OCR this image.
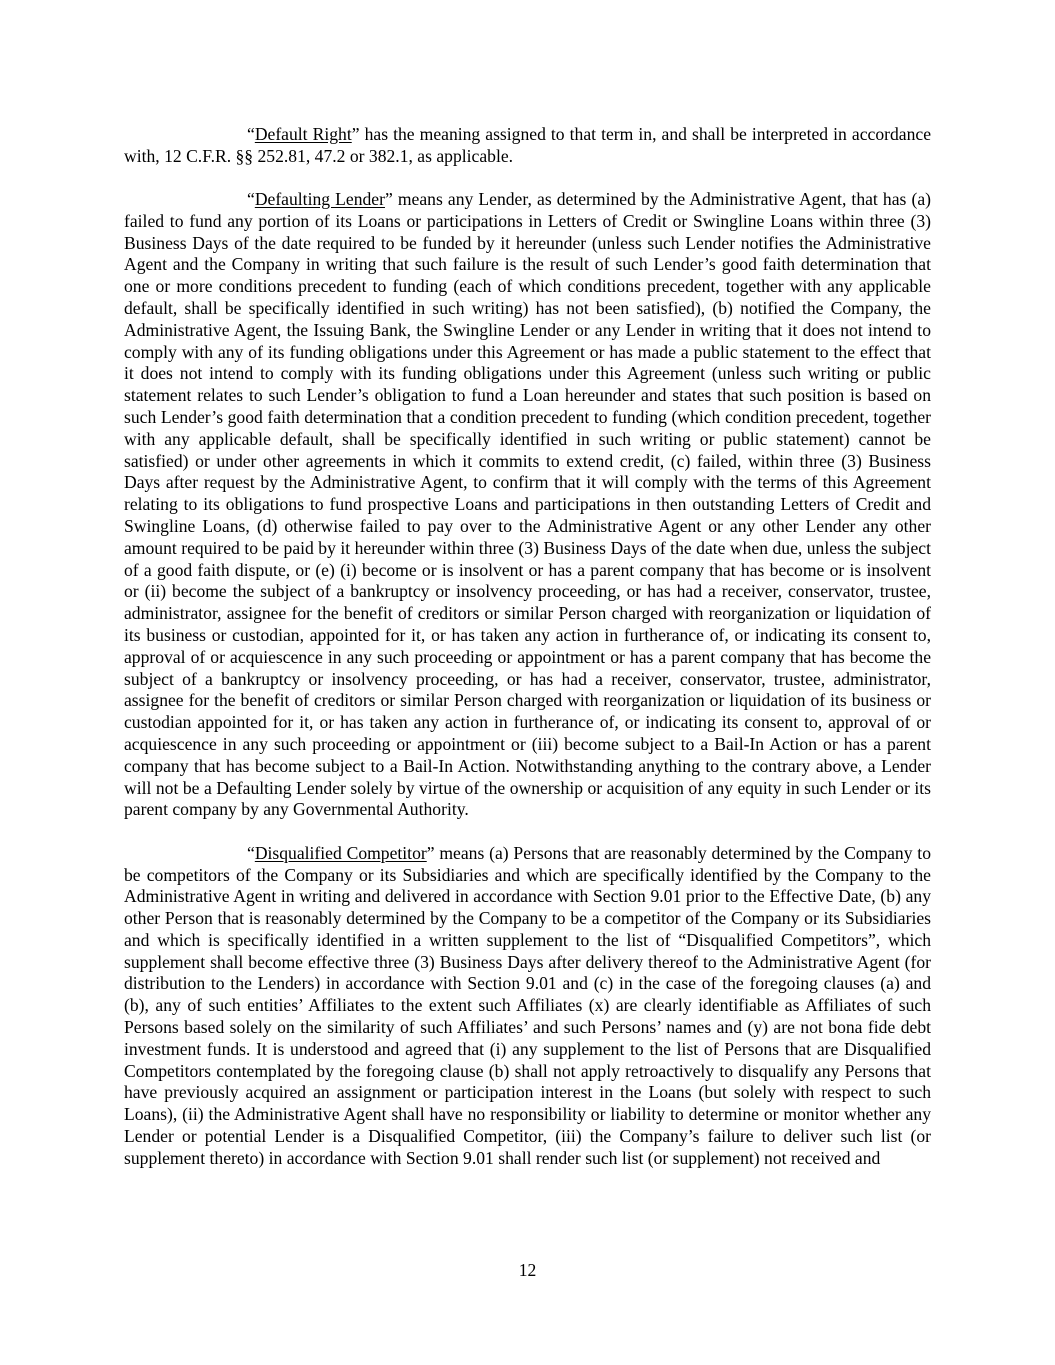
“Default Right” has the meaning assigned to that term in, and shall be interpreted in accordance with, 12 C.F.R. §§ 252.81, 47.2 or 382.1, as applicable.

“Defaulting Lender” means any Lender, as determined by the Administrative Agent, that has (a) failed to fund any portion of its Loans or participations in Letters of Credit or Swingline Loans within three (3) Business Days of the date required to be funded by it hereunder (unless such Lender notifies the Administrative Agent and the Company in writing that such failure is the result of such Lender’s good faith determination that one or more conditions precedent to funding (each of which conditions precedent, together with any applicable default, shall be specifically identified in such writing) has not been satisfied), (b) notified the Company, the Administrative Agent, the Issuing Bank, the Swingline Lender or any Lender in writing that it does not intend to comply with any of its funding obligations under this Agreement or has made a public statement to the effect that it does not intend to comply with its funding obligations under this Agreement (unless such writing or public statement relates to such Lender’s obligation to fund a Loan hereunder and states that such position is based on such Lender’s good faith determination that a condition precedent to funding (which condition precedent, together with any applicable default, shall be specifically identified in such writing or public statement) cannot be satisfied) or under other agreements in which it commits to extend credit, (c) failed, within three (3) Business Days after request by the Administrative Agent, to confirm that it will comply with the terms of this Agreement relating to its obligations to fund prospective Loans and participations in then outstanding Letters of Credit and Swingline Loans, (d) otherwise failed to pay over to the Administrative Agent or any other Lender any other amount required to be paid by it hereunder within three (3) Business Days of the date when due, unless the subject of a good faith dispute, or (e) (i) become or is insolvent or has a parent company that has become or is insolvent or (ii) become the subject of a bankruptcy or insolvency proceeding, or has had a receiver, conservator, trustee, administrator, assignee for the benefit of creditors or similar Person charged with reorganization or liquidation of its business or custodian, appointed for it, or has taken any action in furtherance of, or indicating its consent to, approval of or acquiescence in any such proceeding or appointment or has a parent company that has become the subject of a bankruptcy or insolvency proceeding, or has had a receiver, conservator, trustee, administrator, assignee for the benefit of creditors or similar Person charged with reorganization or liquidation of its business or custodian appointed for it, or has taken any action in furtherance of, or indicating its consent to, approval of or acquiescence in any such proceeding or appointment or (iii) become subject to a Bail-In Action or has a parent company that has become subject to a Bail-In Action. Notwithstanding anything to the contrary above, a Lender will not be a Defaulting Lender solely by virtue of the ownership or acquisition of any equity in such Lender or its parent company by any Governmental Authority.

“Disqualified Competitor” means (a) Persons that are reasonably determined by the Company to be competitors of the Company or its Subsidiaries and which are specifically identified by the Company to the Administrative Agent in writing and delivered in accordance with Section 9.01 prior to the Effective Date, (b) any other Person that is reasonably determined by the Company to be a competitor of the Company or its Subsidiaries and which is specifically identified in a written supplement to the list of “Disqualified Competitors”, which supplement shall become effective three (3) Business Days after delivery thereof to the Administrative Agent (for distribution to the Lenders) in accordance with Section 9.01 and (c) in the case of the foregoing clauses (a) and (b), any of such entities’ Affiliates to the extent such Affiliates (x) are clearly identifiable as Affiliates of such Persons based solely on the similarity of such Affiliates’ and such Persons’ names and (y) are not bona fide debt investment funds. It is understood and agreed that (i) any supplement to the list of Persons that are Disqualified Competitors contemplated by the foregoing clause (b) shall not apply retroactively to disqualify any Persons that have previously acquired an assignment or participation interest in the Loans (but solely with respect to such Loans), (ii) the Administrative Agent shall have no responsibility or liability to determine or monitor whether any Lender or potential Lender is a Disqualified Competitor, (iii) the Company’s failure to deliver such list (or supplement thereto) in accordance with Section 9.01 shall render such list (or supplement) not received and

12
